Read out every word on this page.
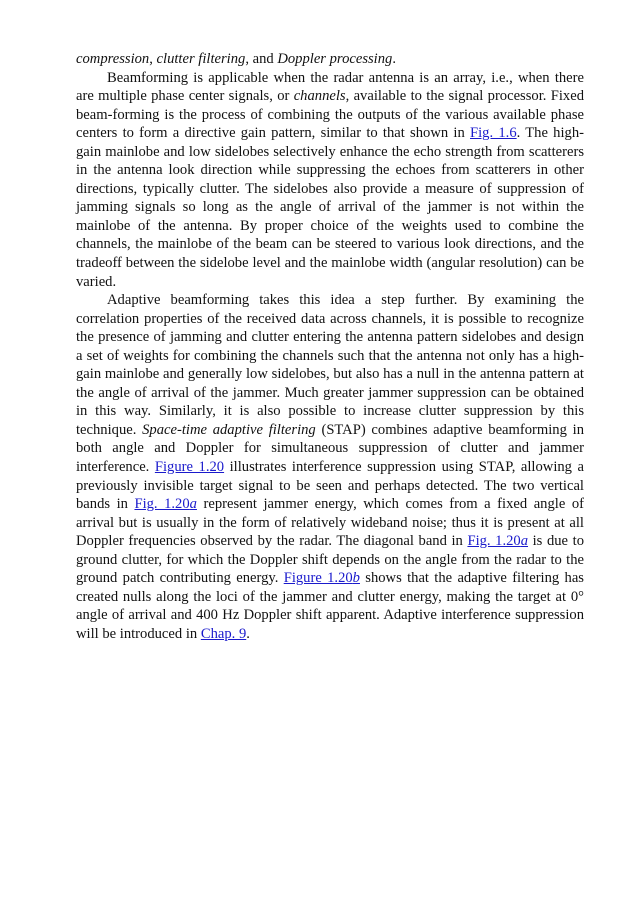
compression, clutter filtering, and Doppler processing.

Beamforming is applicable when the radar antenna is an array, i.e., when there are multiple phase center signals, or channels, available to the signal processor. Fixed beam-forming is the process of combining the outputs of the various available phase centers to form a directive gain pattern, similar to that shown in Fig. 1.6. The high-gain mainlobe and low sidelobes selectively enhance the echo strength from scatterers in the antenna look direction while suppressing the echoes from scatterers in other directions, typically clutter. The sidelobes also provide a measure of suppression of jamming signals so long as the angle of arrival of the jammer is not within the mainlobe of the antenna. By proper choice of the weights used to combine the channels, the mainlobe of the beam can be steered to various look directions, and the tradeoff between the sidelobe level and the mainlobe width (angular resolution) can be varied.

Adaptive beamforming takes this idea a step further. By examining the correlation properties of the received data across channels, it is possible to recognize the presence of jamming and clutter entering the antenna pattern sidelobes and design a set of weights for combining the channels such that the antenna not only has a high-gain mainlobe and generally low sidelobes, but also has a null in the antenna pattern at the angle of arrival of the jammer. Much greater jammer suppression can be obtained in this way. Similarly, it is also possible to increase clutter suppression by this technique. Space-time adaptive filtering (STAP) combines adaptive beamforming in both angle and Doppler for simultaneous suppression of clutter and jammer interference. Figure 1.20 illustrates interference suppression using STAP, allowing a previously invisible target signal to be seen and perhaps detected. The two vertical bands in Fig. 1.20a represent jammer energy, which comes from a fixed angle of arrival but is usually in the form of relatively wideband noise; thus it is present at all Doppler frequencies observed by the radar. The diagonal band in Fig. 1.20a is due to ground clutter, for which the Doppler shift depends on the angle from the radar to the ground patch contributing energy. Figure 1.20b shows that the adaptive filtering has created nulls along the loci of the jammer and clutter energy, making the target at 0° angle of arrival and 400 Hz Doppler shift apparent. Adaptive interference suppression will be introduced in Chap. 9.
